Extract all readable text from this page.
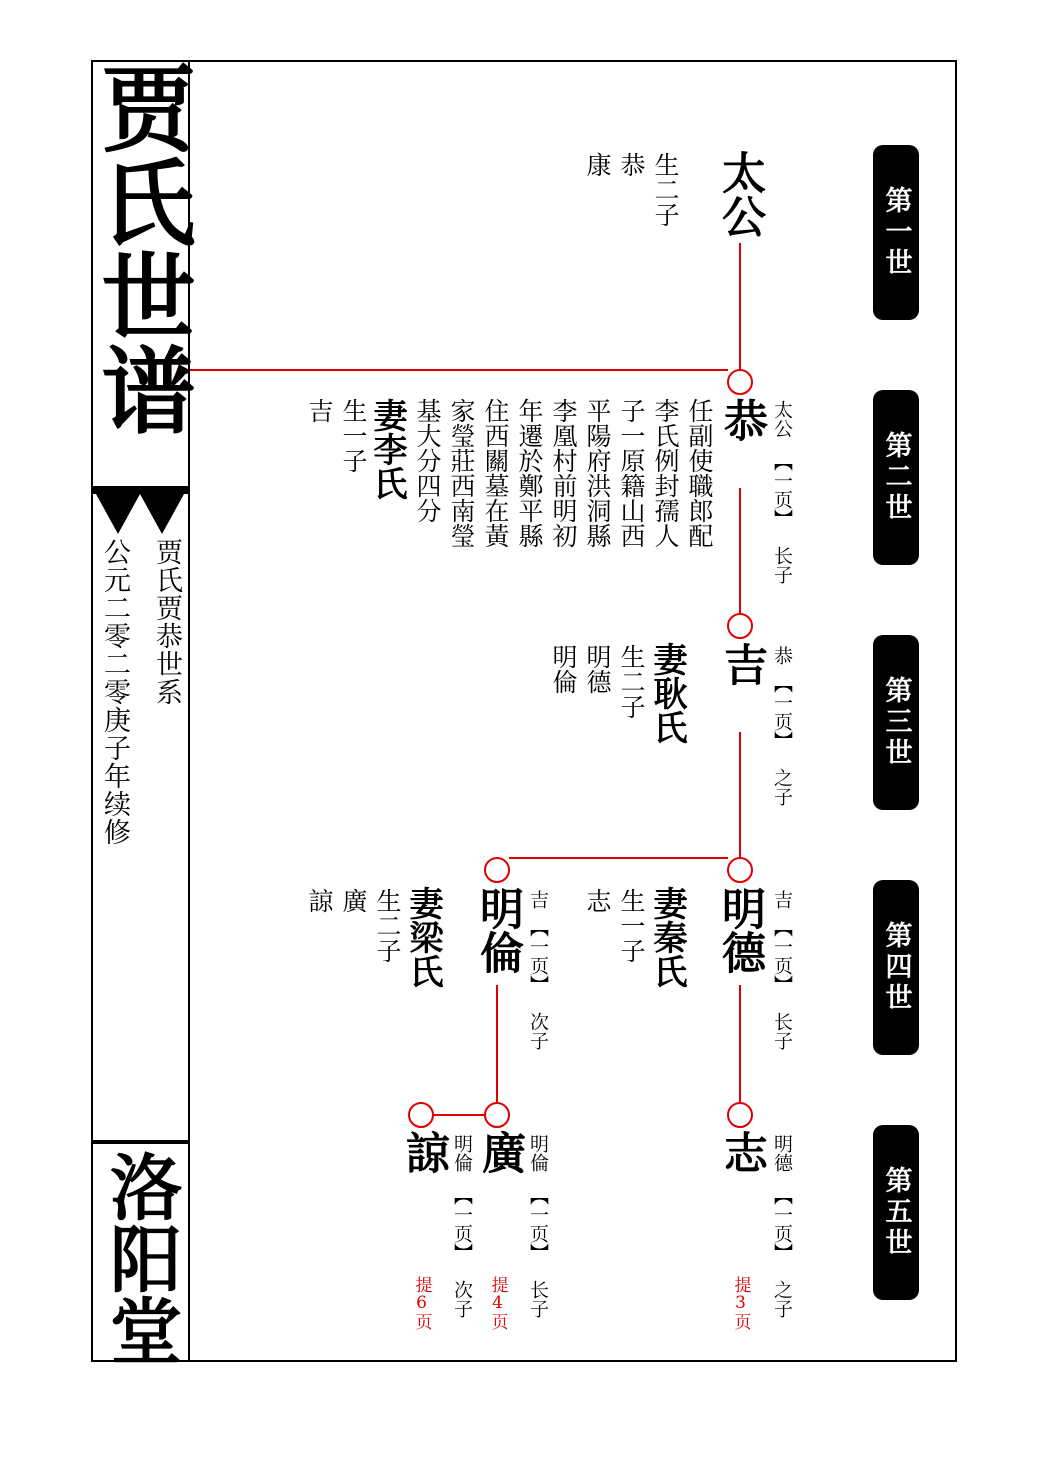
贾氏世谱
贾氏贾恭世系
公元二零二零庚子年续修
洛阳堂
第一世
第二世
第三世
第四世
第五世
太公
生二子
恭
康
恭 太公
【一页】
长子
任副使職郎配
李氏例封孺人
子一原籍山西
平陽府洪洞縣
李凰村前明初
年遷於鄭平縣
住西關墓在黃
家瑩莊西南瑩
基大分四分
妻李氏
生一子
吉
吉 恭
【一页】
之子
妻耿氏
生二子
明德
明倫
明德 吉
【一页】
长子
妻秦氏
生一子
志
明倫 吉
【一页】
次子
妻梁氏
生二子
廣
諒
志 明德
【一页】
之子
提3页
廣 明倫
【一页】
长子
提4页
諒 明倫
【一页】
次子
提6页
